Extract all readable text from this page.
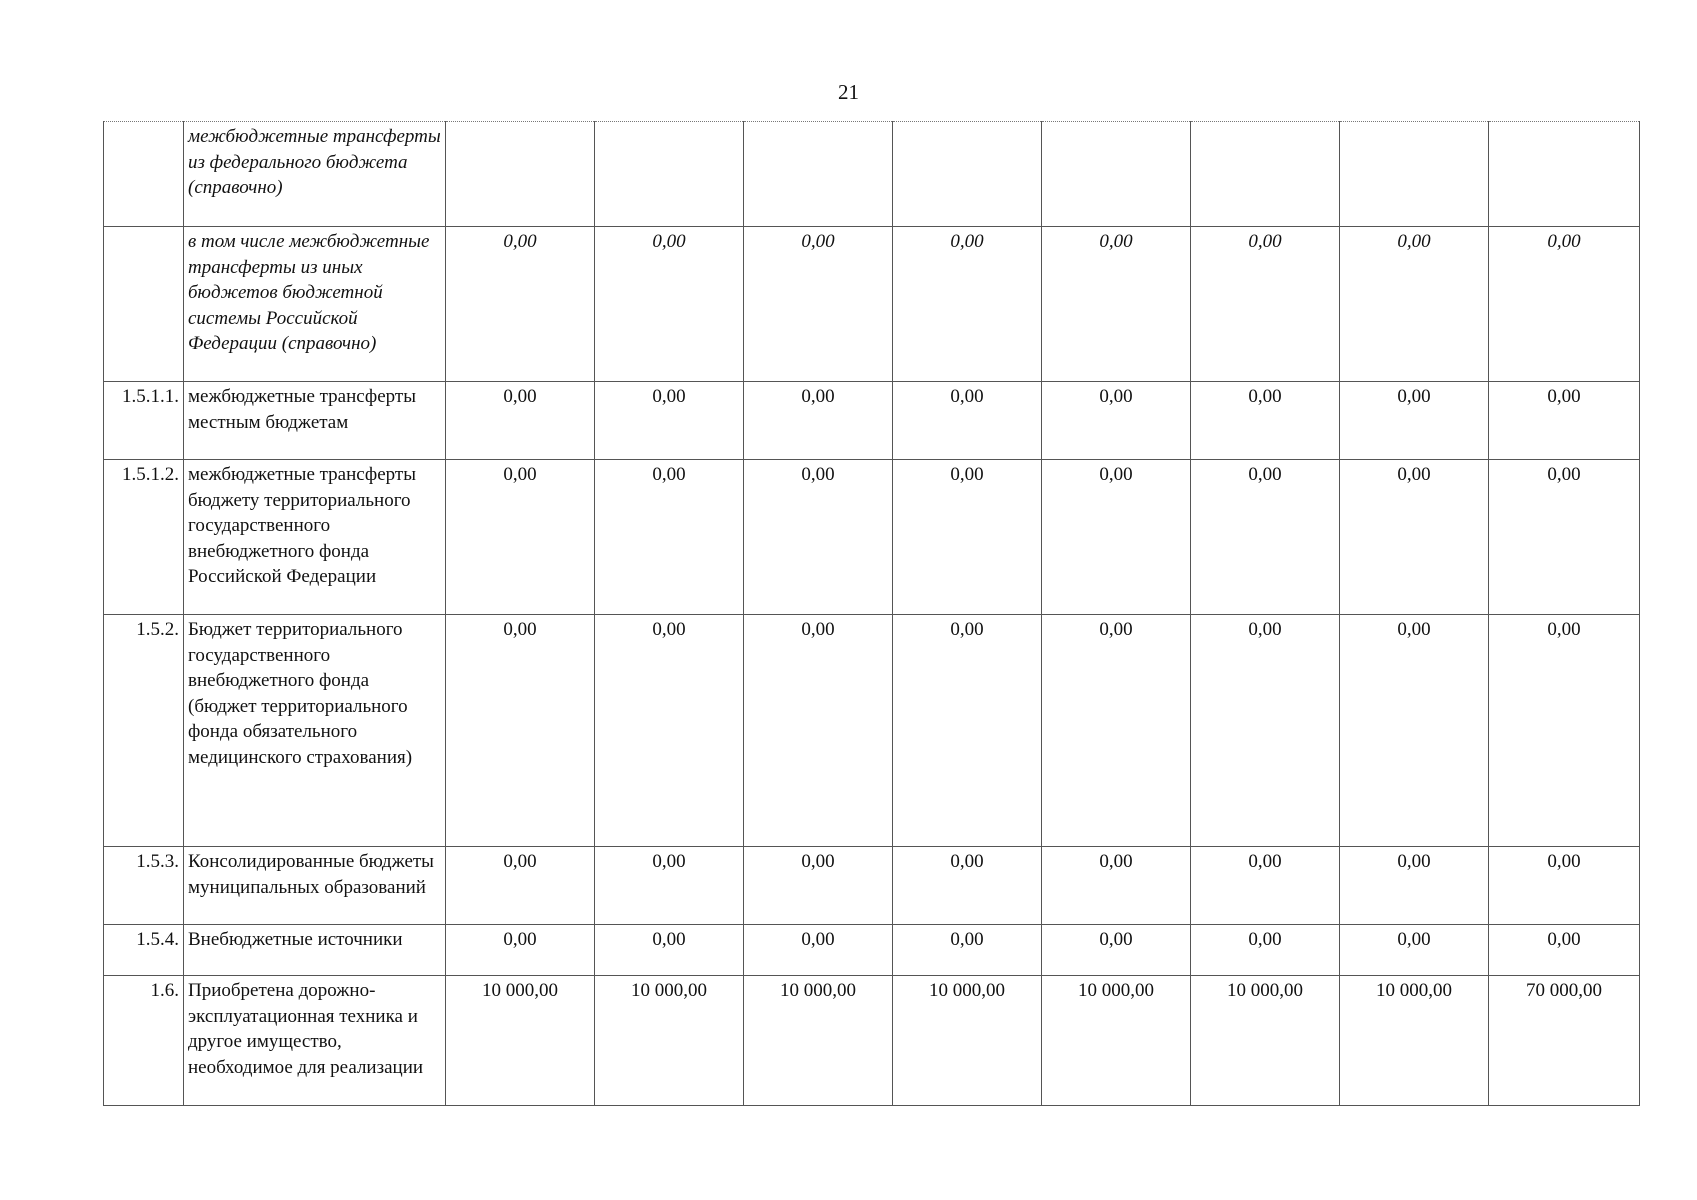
21
	межбюджетные трансферты из федерального бюджета (справочно)								
	в том числе межбюджетные трансферты из иных бюджетов бюджетной системы Российской Федерации (справочно)	0,00	0,00	0,00	0,00	0,00	0,00	0,00	0,00
1.5.1.1.	межбюджетные трансферты местным бюджетам	0,00	0,00	0,00	0,00	0,00	0,00	0,00	0,00
1.5.1.2.	межбюджетные трансферты бюджету территориального государственного внебюджетного фонда Российской Федерации	0,00	0,00	0,00	0,00	0,00	0,00	0,00	0,00
1.5.2.	Бюджет территориального государственного внебюджетного фонда (бюджет территориального фонда обязательного медицинского страхования)	0,00	0,00	0,00	0,00	0,00	0,00	0,00	0,00
1.5.3.	Консолидированные бюджеты муниципальных образований	0,00	0,00	0,00	0,00	0,00	0,00	0,00	0,00
1.5.4.	Внебюджетные источники	0,00	0,00	0,00	0,00	0,00	0,00	0,00	0,00
1.6.	Приобретена дорожно-эксплуатационная техника и другое имущество, необходимое для реализации	10 000,00	10 000,00	10 000,00	10 000,00	10 000,00	10 000,00	10 000,00	70 000,00
